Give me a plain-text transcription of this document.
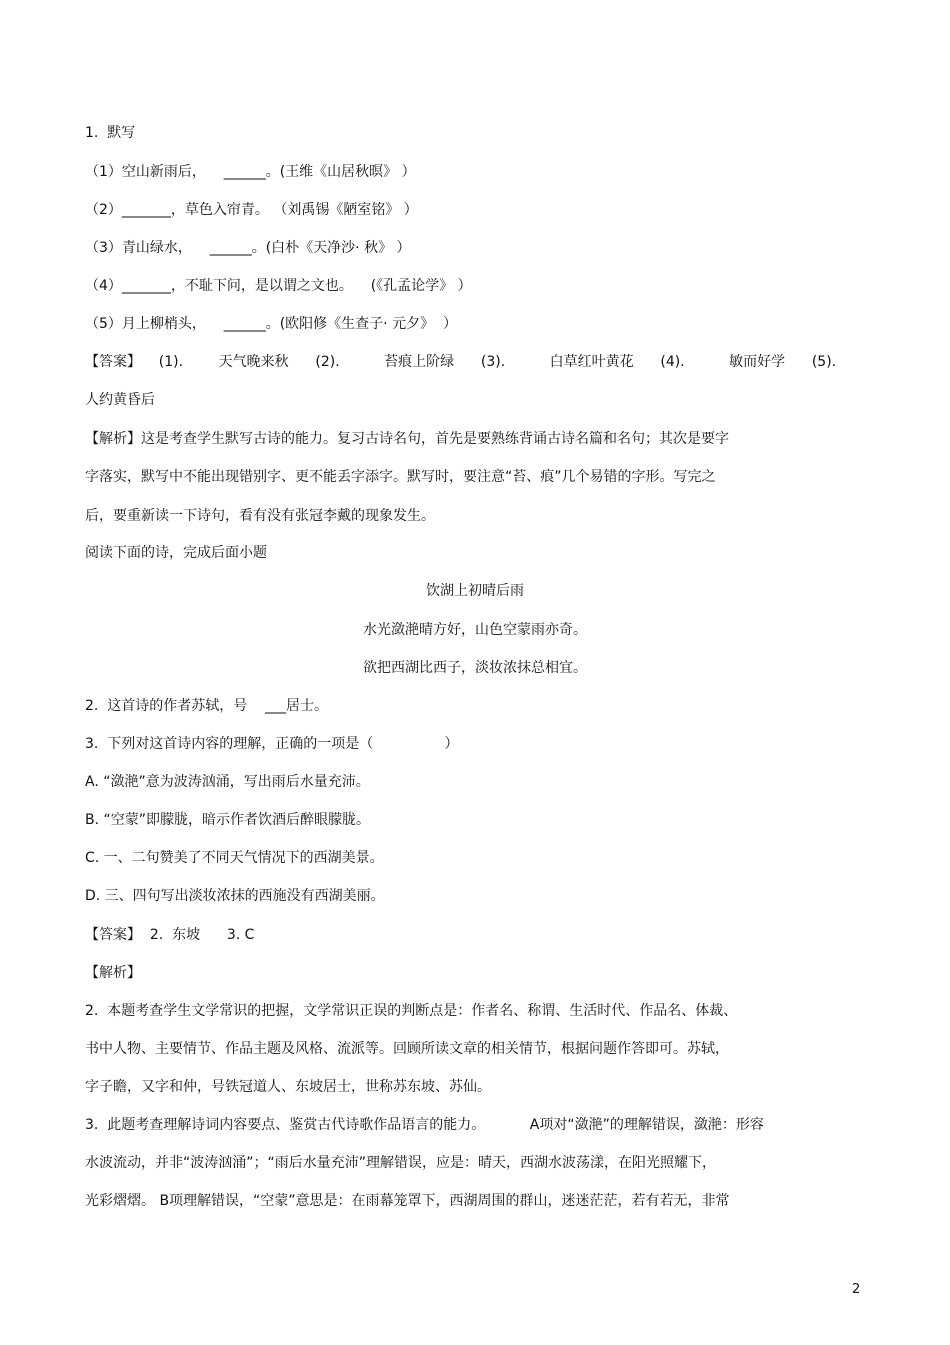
1.  默写
（1）空山新雨后，    ______。(王维《山居秋暝》 ）
（2）_______，草色入帘青。 （刘禹锡《陋室铭》 ）
（3）青山绿水，    ______。(白朴《天净沙· 秋》 ）
（4）_______，不耻下问，是以谓之文也。    (《孔孟论学》 ）
（5）月上柳梢头，    ______。(欧阳修《生查子· 元夕》  ）
【答案】    (1).        天气晚来秋      (2).          苔痕上阶绿      (3).          白草红叶黄花      (4).          敏而好学      (5).
人约黄昏后
【解析】这是考查学生默写古诗的能力。复习古诗名句，首先是要熟练背诵古诗名篇和名句；其次是要字
字落实，默写中不能出现错别字、更不能丢字添字。默写时，要注意“苔、痕”几个易错的字形。写完之
后，要重新读一下诗句，看有没有张冠李戴的现象发生。
阅读下面的诗，完成后面小题
饮湖上初晴后雨
水光潋滟晴方好，山色空蒙雨亦奇。
欲把西湖比西子，淡妆浓抹总相宜。
2.  这首诗的作者苏轼，号    ___居士。
3.  下列对这首诗内容的理解，正确的一项是（                ）
A. “潋滟”意为波涛汹涌，写出雨后水量充沛。
B. “空蒙”即朦胧，暗示作者饮酒后醉眼朦胧。
C. 一、二句赞美了不同天气情况下的西湖美景。
D. 三、四句写出淡妆浓抹的西施没有西湖美丽。
【答案】  2.  东坡      3. C
【解析】
2.  本题考查学生文学常识的把握，文学常识正误的判断点是：作者名、称谓、生活时代、作品名、体裁、
书中人物、主要情节、作品主题及风格、流派等。回顾所读文章的相关情节，根据问题作答即可。苏轼，
字子瞻，又字和仲，号铁冠道人、东坡居士，世称苏东坡、苏仙。
3.  此题考查理解诗词内容要点、鉴赏古代诗歌作品语言的能力。          A项对“潋滟”的理解错误，潋滟：形容
水波流动，并非“波涛汹涌”；“雨后水量充沛”理解错误，应是：晴天，西湖水波荡漾，在阳光照耀下，
光彩熠熠。 B项理解错误，“空蒙”意思是：在雨幕笼罩下，西湖周围的群山，迷迷茫茫，若有若无，非常
2
